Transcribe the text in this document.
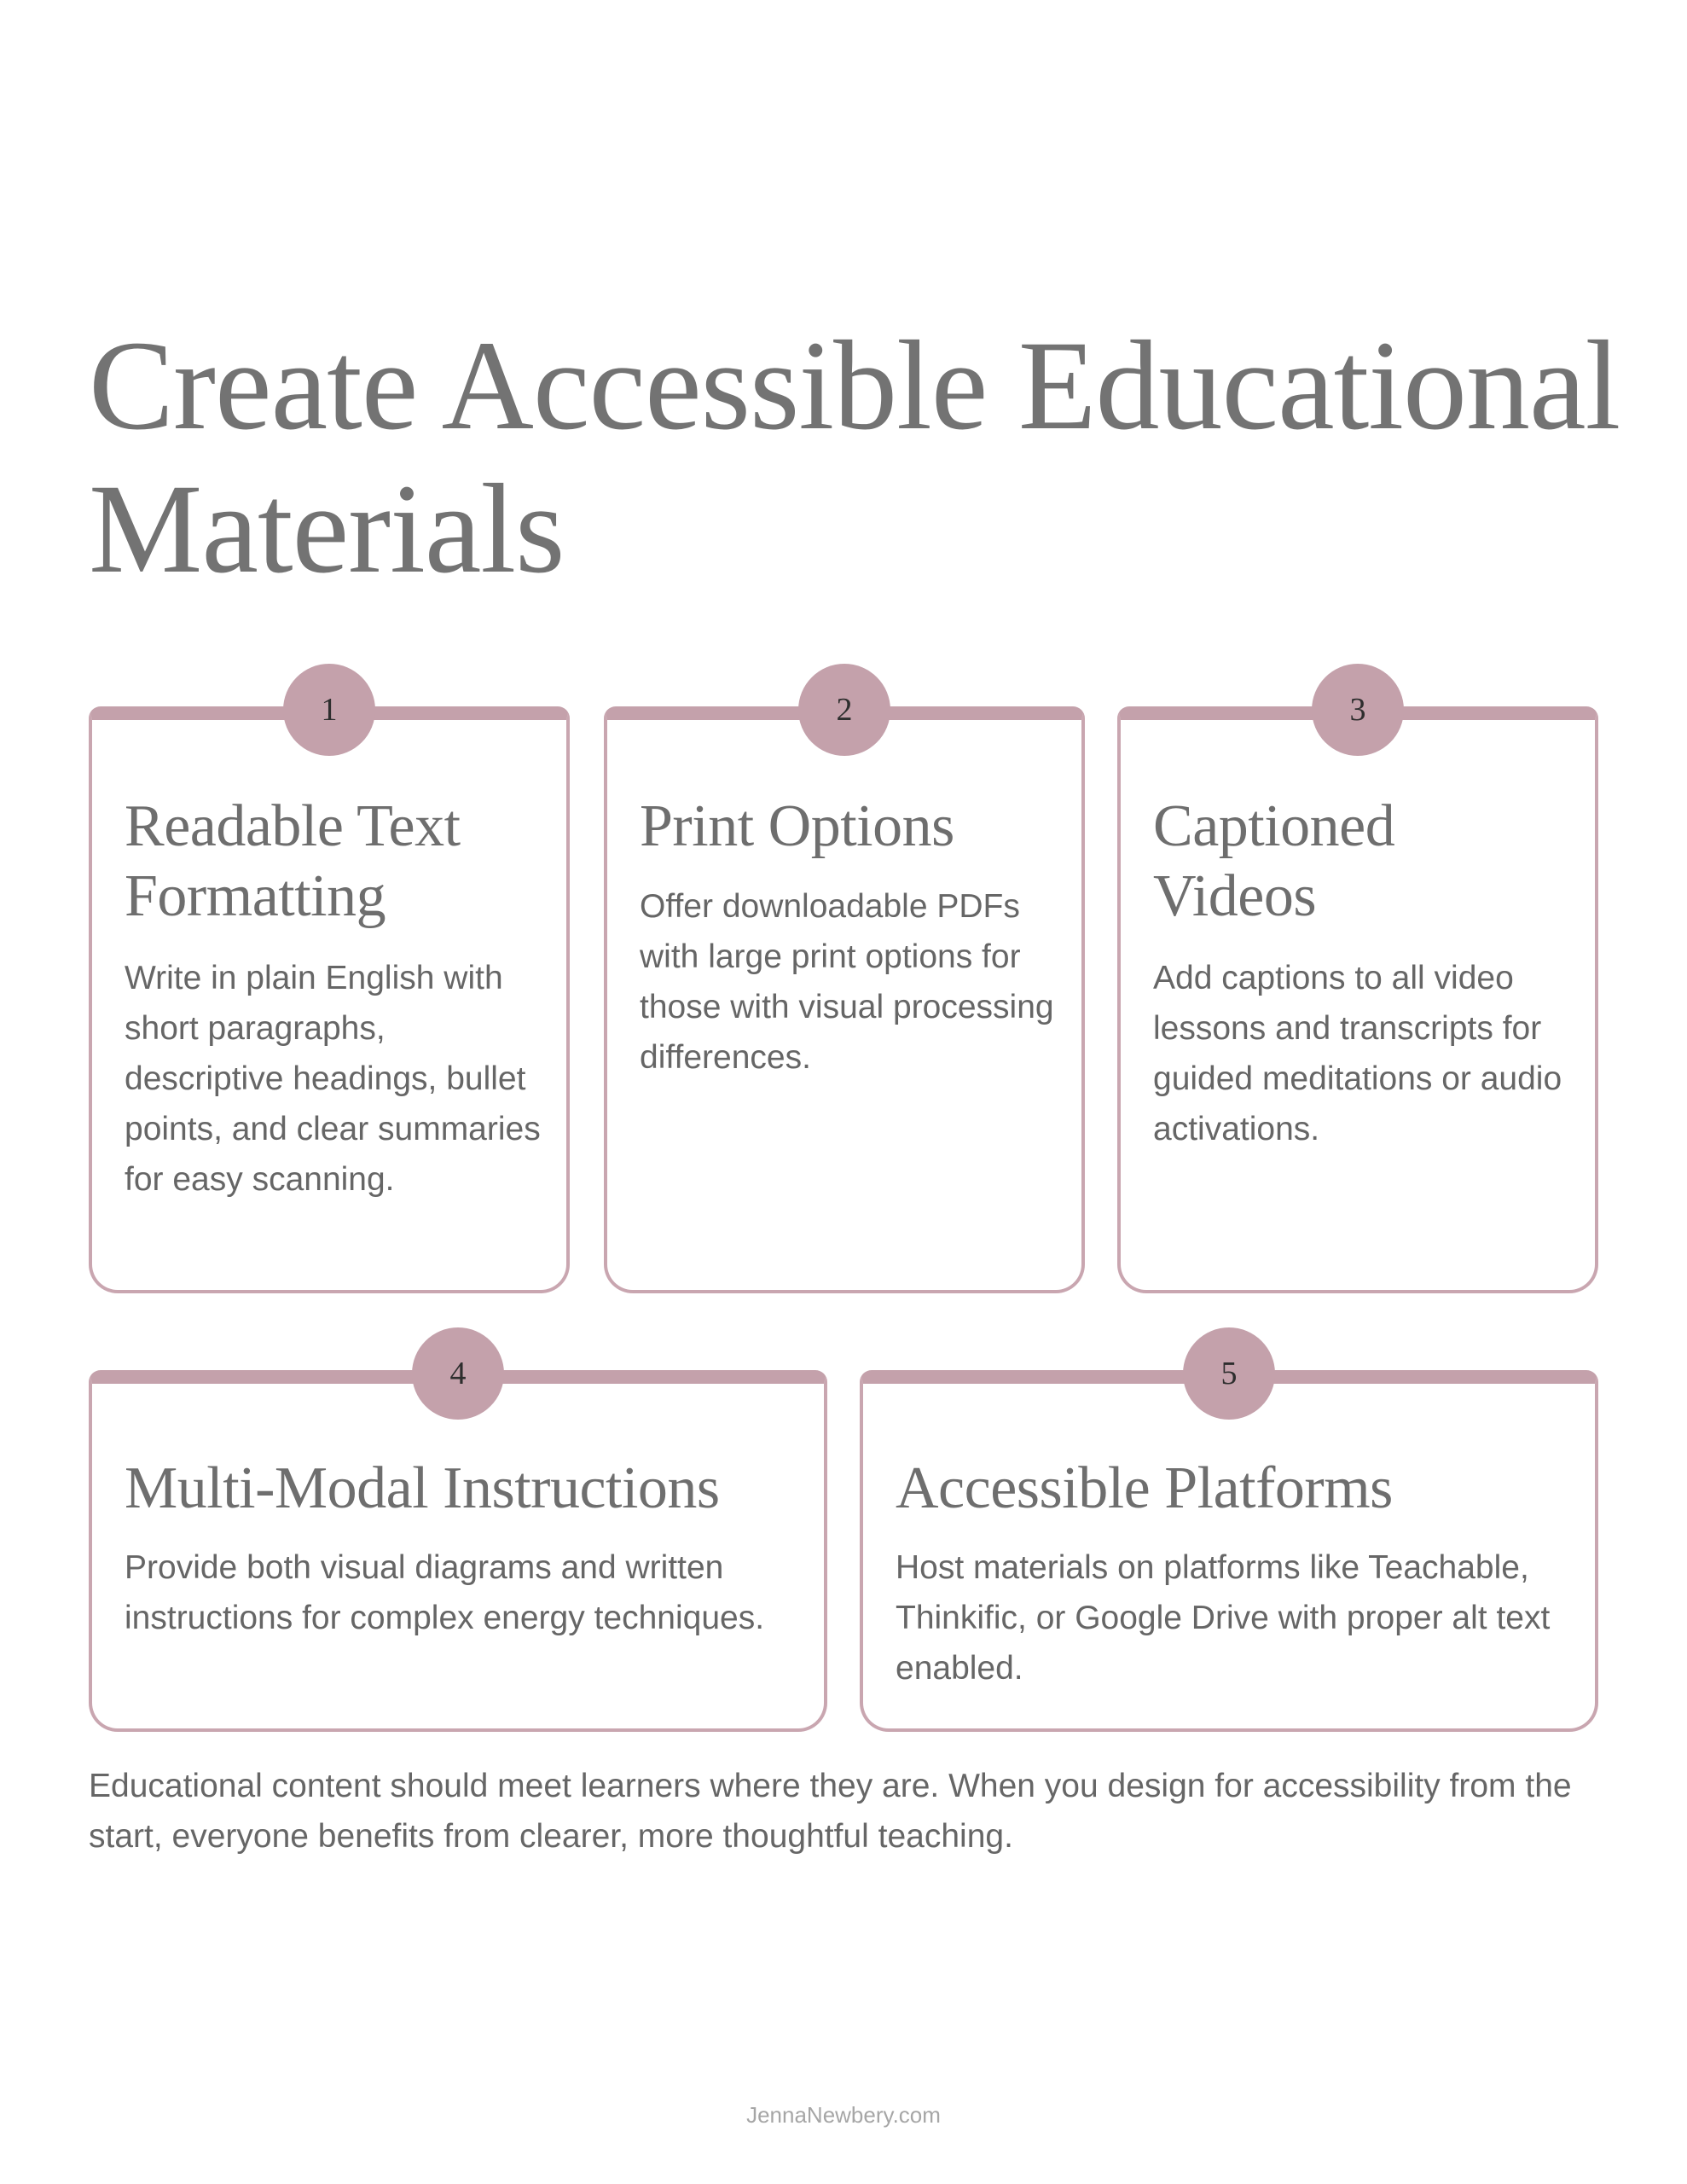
Create Accessible Educational Materials
1
Readable Text Formatting

Write in plain English with short paragraphs, descriptive headings, bullet points, and clear summaries for easy scanning.

2
Print Options

Offer downloadable PDFs with large print options for those with visual processing differences.

3
Captioned Videos

Add captions to all video lessons and transcripts for guided meditations or audio activations.

4
Multi-Modal Instructions

Provide both visual diagrams and written instructions for complex energy techniques.

5
Accessible Platforms

Host materials on platforms like Teachable, Thinkific, or Google Drive with proper alt text enabled.

Educational content should meet learners where they are. When you design for accessibility from the start, everyone benefits from clearer, more thoughtful teaching.

JennaNewbery.com
